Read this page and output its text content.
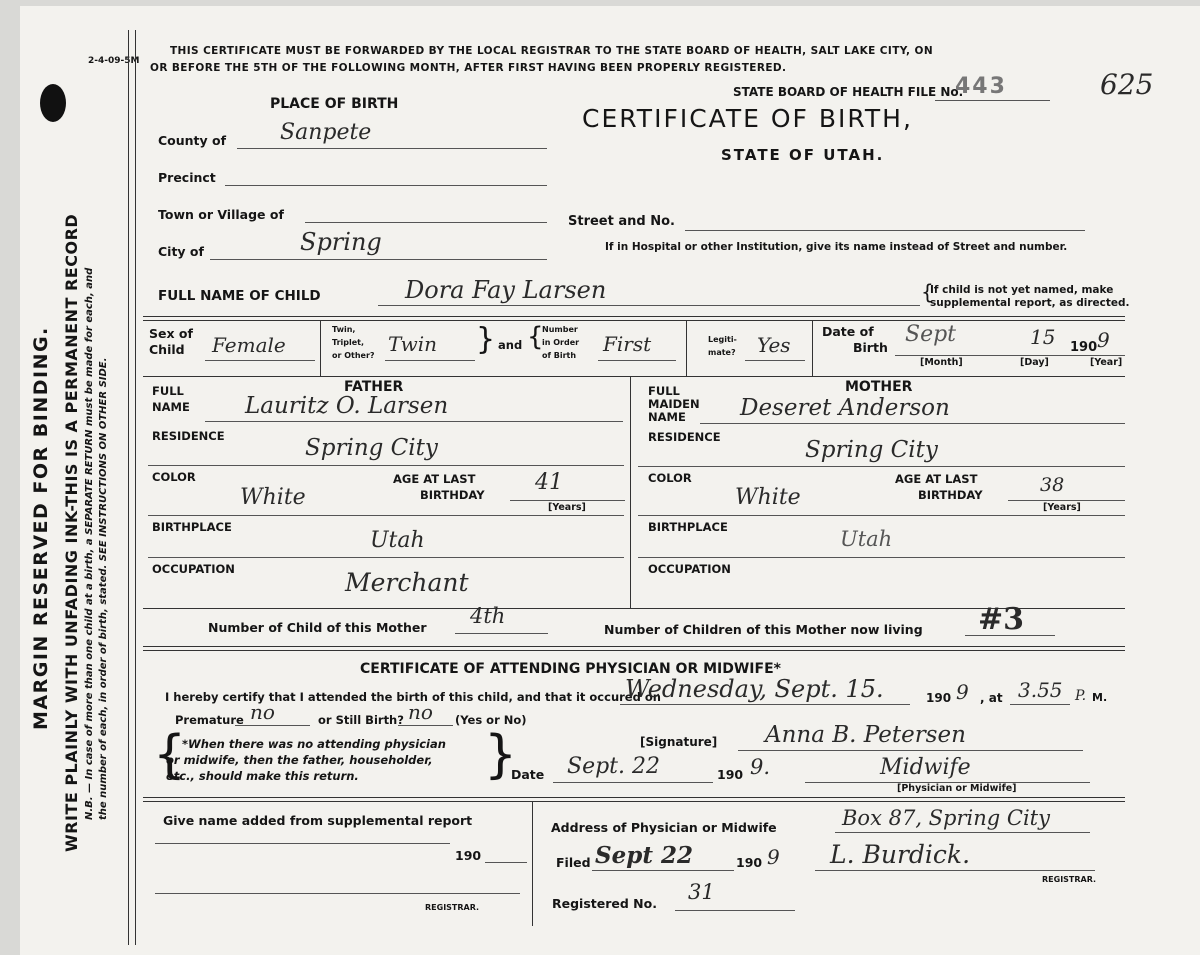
2-4-09-5M
MARGIN RESERVED FOR BINDING. WRITE PLAINLY WITH UNFADING INK-THIS IS A PERMANENT RECORD N.B. — In case of more than one child at a birth, a SEPARATE RETURN must be made for each, and the number of each, in order of birth, stated. SEE INSTRUCTIONS ON OTHER SIDE.
THIS CERTIFICATE MUST BE FORWARDED BY THE LOCAL REGISTRAR TO THE STATE BOARD OF HEALTH, SALT LAKE CITY, ON
OR BEFORE THE 5TH OF THE FOLLOWING MONTH, AFTER FIRST HAVING BEEN PROPERLY REGISTERED.
STATE BOARD OF HEALTH FILE No.
443	625
CERTIFICATE OF BIRTH,
STATE OF UTAH.
PLACE OF BIRTH
County of Sanpete
Precinct
Town or Village of
City of	Spring
Street and No.
If in Hospital or other Institution, give its name instead of Street and number.
FULL NAME OF CHILD	Dora Fay Larsen	{
If child is not yet named, make
supplemental report, as directed.
Sex of
Child Female
Twin,
Triplet,
or Other? Twin } and {
Number
in Order
of Birth First	Legiti-
mate? Yes
Date of
Birth
Sept	15 190 9
[Month]	[Day]	[Year]
FATHER
FULL
NAME Lauritz O. Larsen
RESIDENCE	Spring City
COLOR
White
AGE AT LAST
BIRTHDAY 41
[Years]
BIRTHPLACE
Utah
OCCUPATION	Merchant
MOTHER
FULL
MAIDEN
NAME Deseret Anderson
RESIDENCE	Spring City
COLOR
White
AGE AT LAST
BIRTHDAY	38
[Years]
BIRTHPLACE	Utah
OCCUPATION
Number of Child of this Mother 4th
Number of Children of this Mother now living #3
CERTIFICATE OF ATTENDING PHYSICIAN OR MIDWIFE*
I hereby certify that I attended the birth of this child, and that it occured on
Wednesday, Sept. 15.	190 9 , at 3.55 P. M.
Premature no	or Still Birth? no (Yes or No)
{
*When there was no attending physician
or midwife, then the father, householder,
etc., should make this return. }	[Signature] Anna B. Petersen
Date Sept. 22	190 9.	Midwife
[Physician or Midwife]
Give name added from supplemental report
190
REGISTRAR.
Address of Physician or Midwife	Box 87, Spring City
Filed Sept 22	190 9 L. Burdick.
REGISTRAR.
Registered No. 31
